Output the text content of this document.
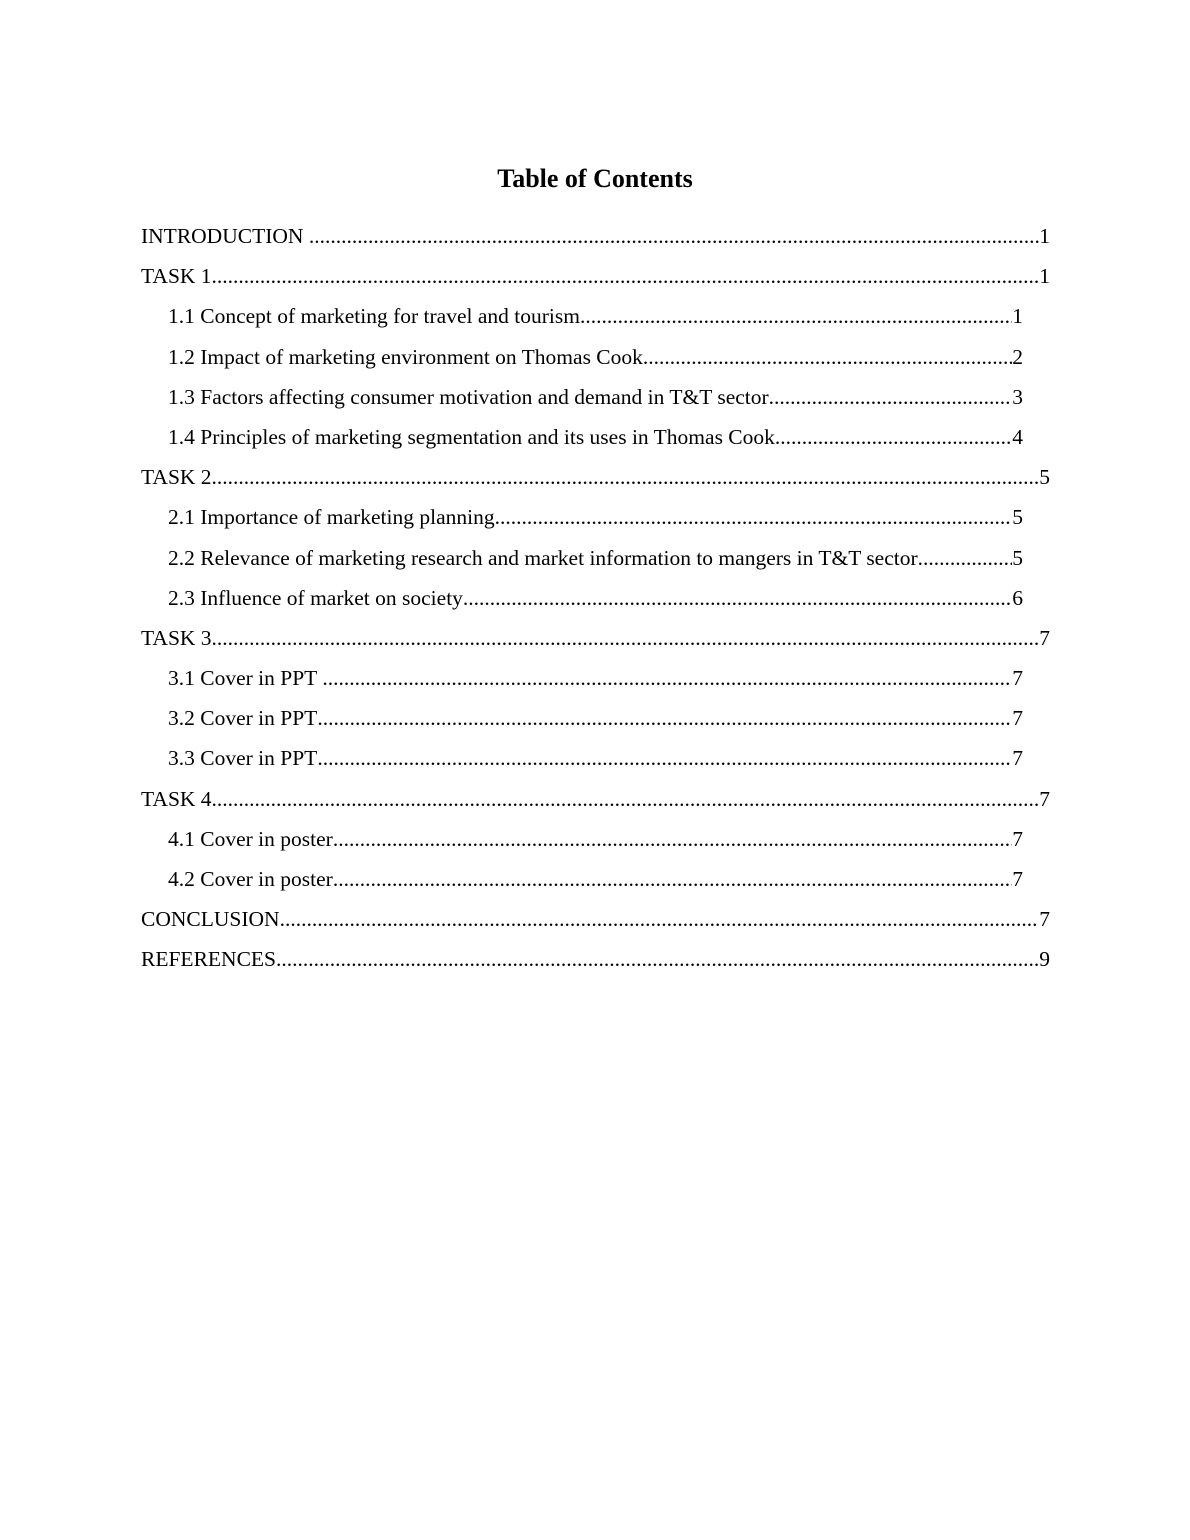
Table of Contents
INTRODUCTION .....	1
TASK 1 .....	1
1.1 Concept of marketing for travel and tourism .....	1
1.2 Impact of marketing environment on Thomas Cook .....	2
1.3 Factors affecting consumer motivation and demand in T&T sector .....	3
1.4 Principles of marketing segmentation and its uses in Thomas Cook .....	4
TASK 2 .....	5
2.1 Importance of marketing planning .....	5
2.2 Relevance of marketing research and market information to mangers in T&T sector .....	5
2.3 Influence of market on society .....	6
TASK 3 .....	7
3.1 Cover in PPT .....	7
3.2 Cover in PPT .....	7
3.3 Cover in PPT .....	7
TASK 4 .....	7
4.1 Cover in poster .....	7
4.2 Cover in poster .....	7
CONCLUSION .....	7
REFERENCES .....	9
